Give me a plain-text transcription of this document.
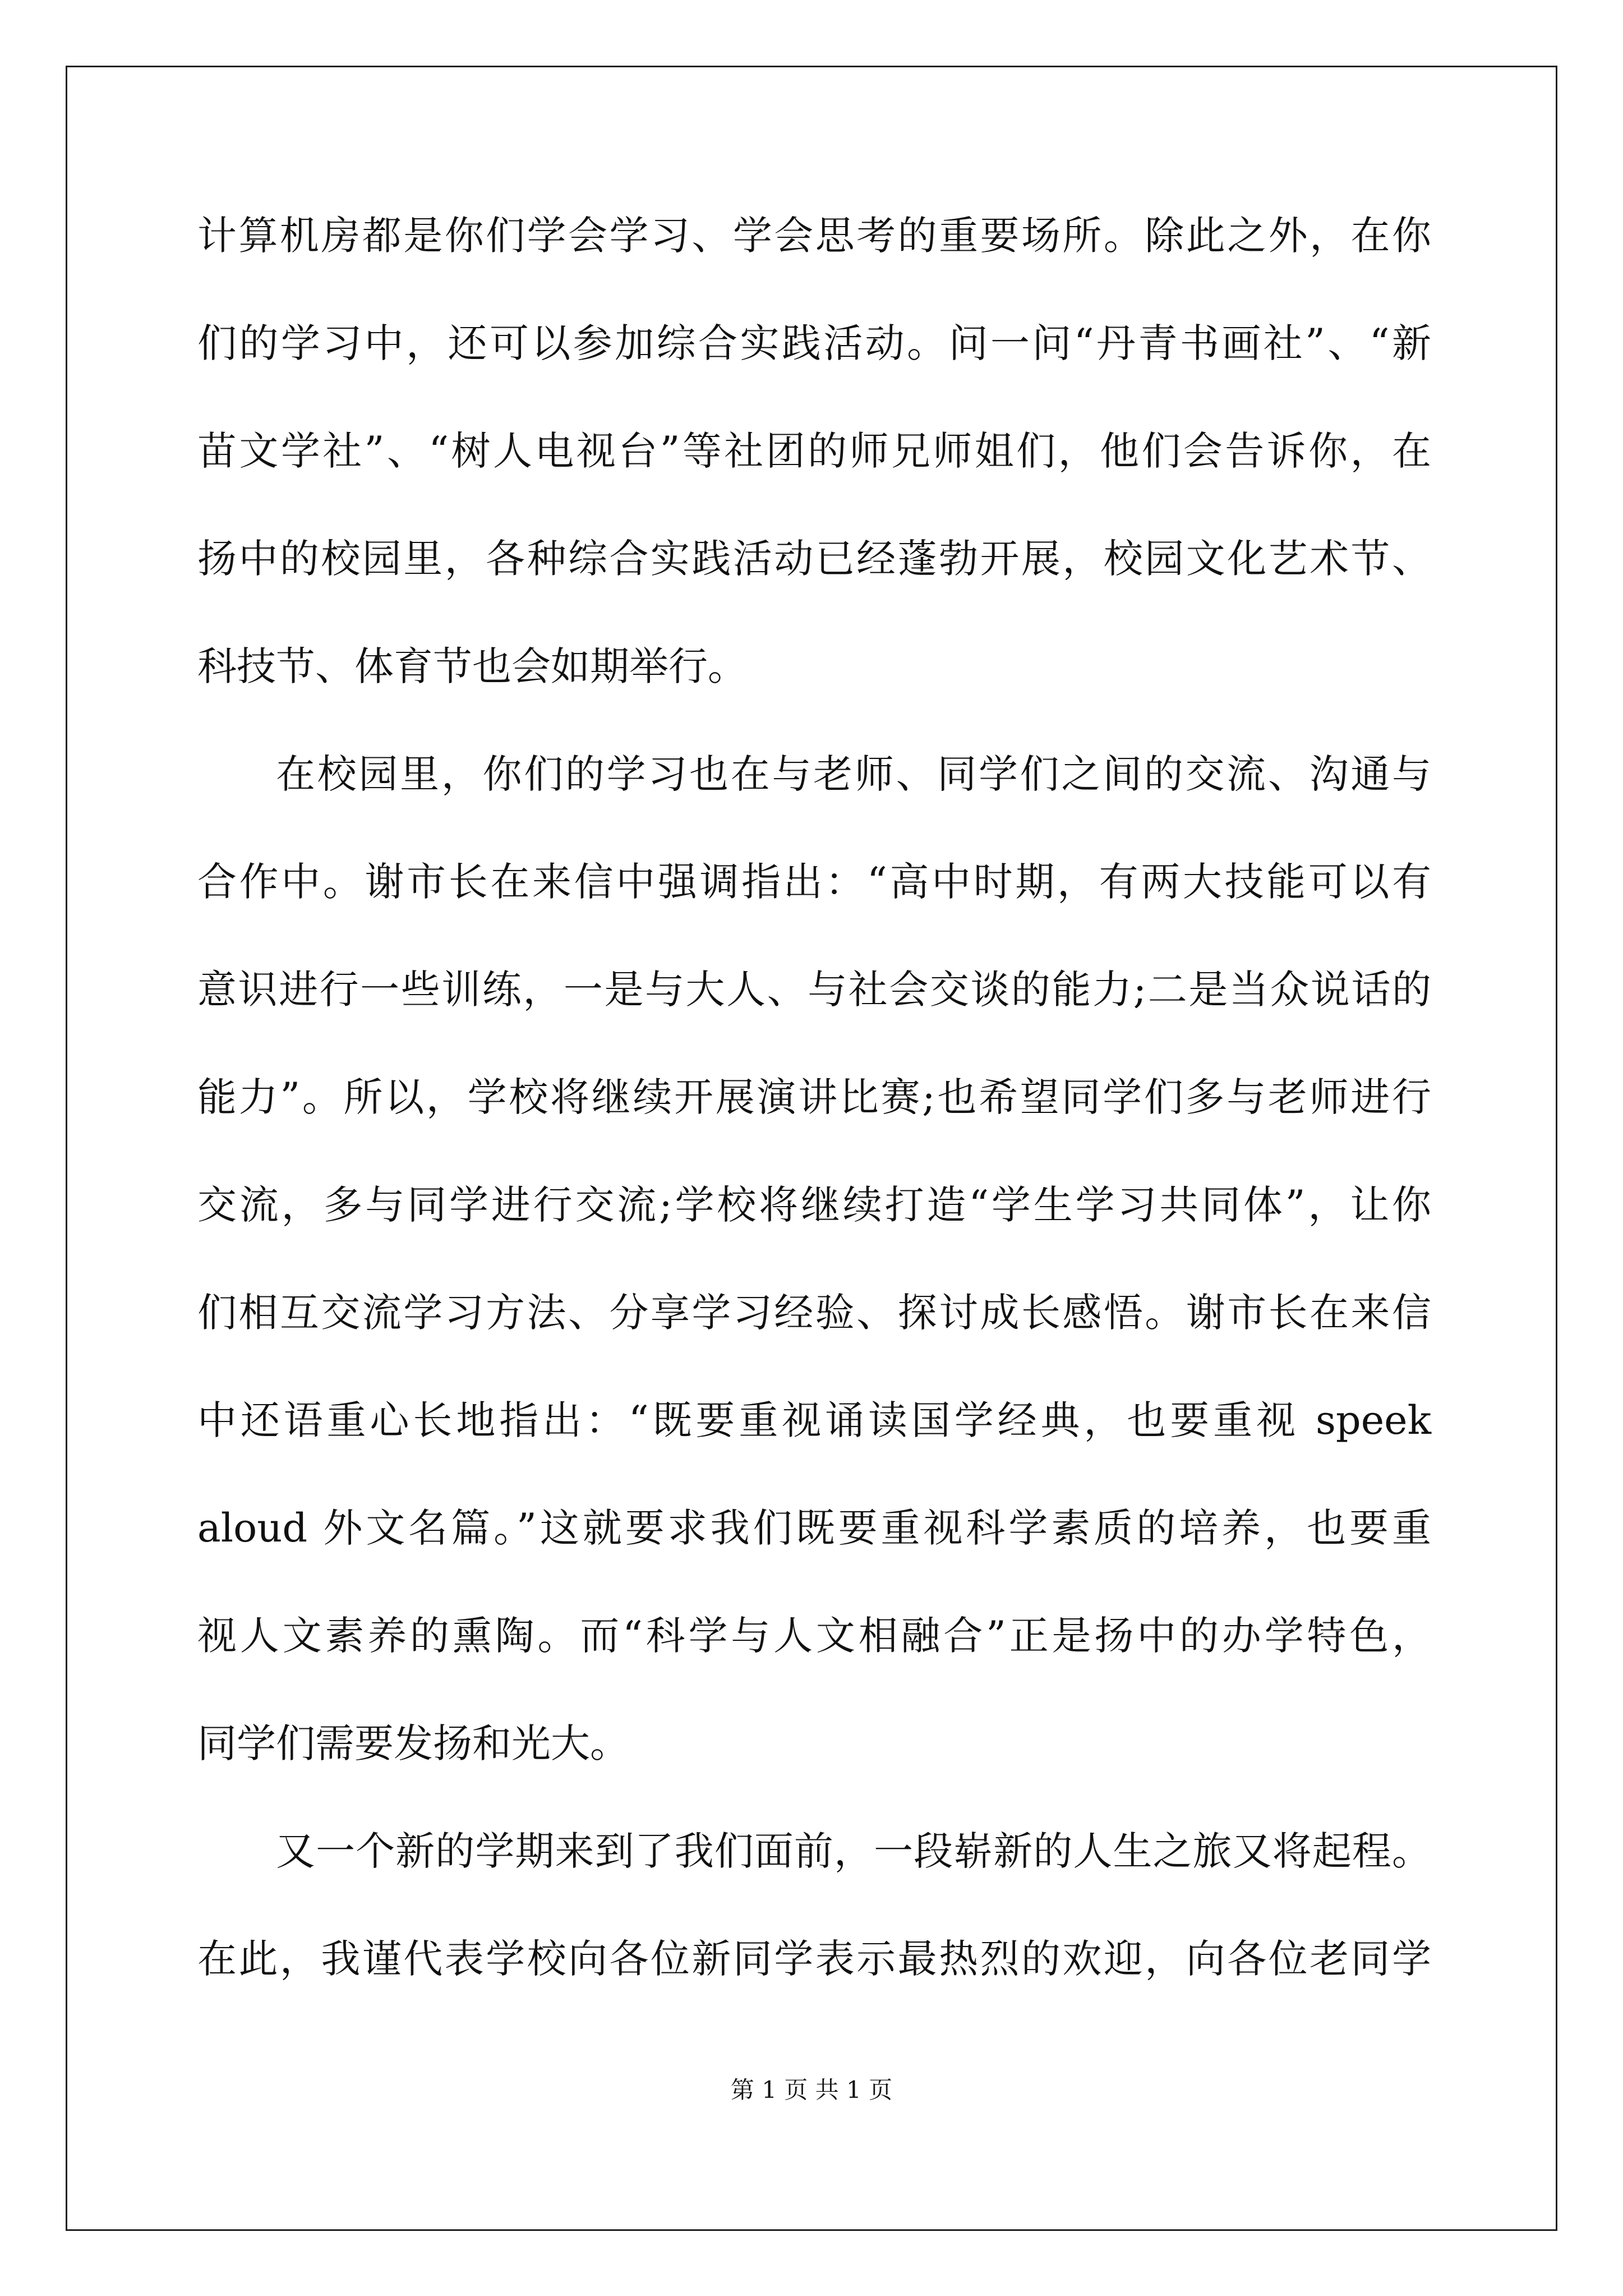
计算机房都是你们学会学习、学会思考的重要场所。除此之外，在你
们的学习中，还可以参加综合实践活动。问一问“丹青书画社”、“新
苗文学社”、“树人电视台”等社团的师兄师姐们，他们会告诉你，在
扬中的校园里，各种综合实践活动已经蓬勃开展，校园文化艺术节、
科技节、体育节也会如期举行。
在校园里，你们的学习也在与老师、同学们之间的交流、沟通与
合作中。谢市长在来信中强调指出：“高中时期，有两大技能可以有
意识进行一些训练，一是与大人、与社会交谈的能力;二是当众说话的
能力”。所以，学校将继续开展演讲比赛;也希望同学们多与老师进行
交流，多与同学进行交流;学校将继续打造“学生学习共同体”，让你
们相互交流学习方法、分享学习经验、探讨成长感悟。谢市长在来信
中还语重心长地指出：“既要重视诵读国学经典，也要重视 speek
aloud 外文名篇。”这就要求我们既要重视科学素质的培养，也要重
视人文素养的熏陶。而“科学与人文相融合”正是扬中的办学特色，
同学们需要发扬和光大。
又一个新的学期来到了我们面前，一段崭新的人生之旅又将起程。
在此，我谨代表学校向各位新同学表示最热烈的欢迎，向各位老同学
第 1 页 共 1 页
